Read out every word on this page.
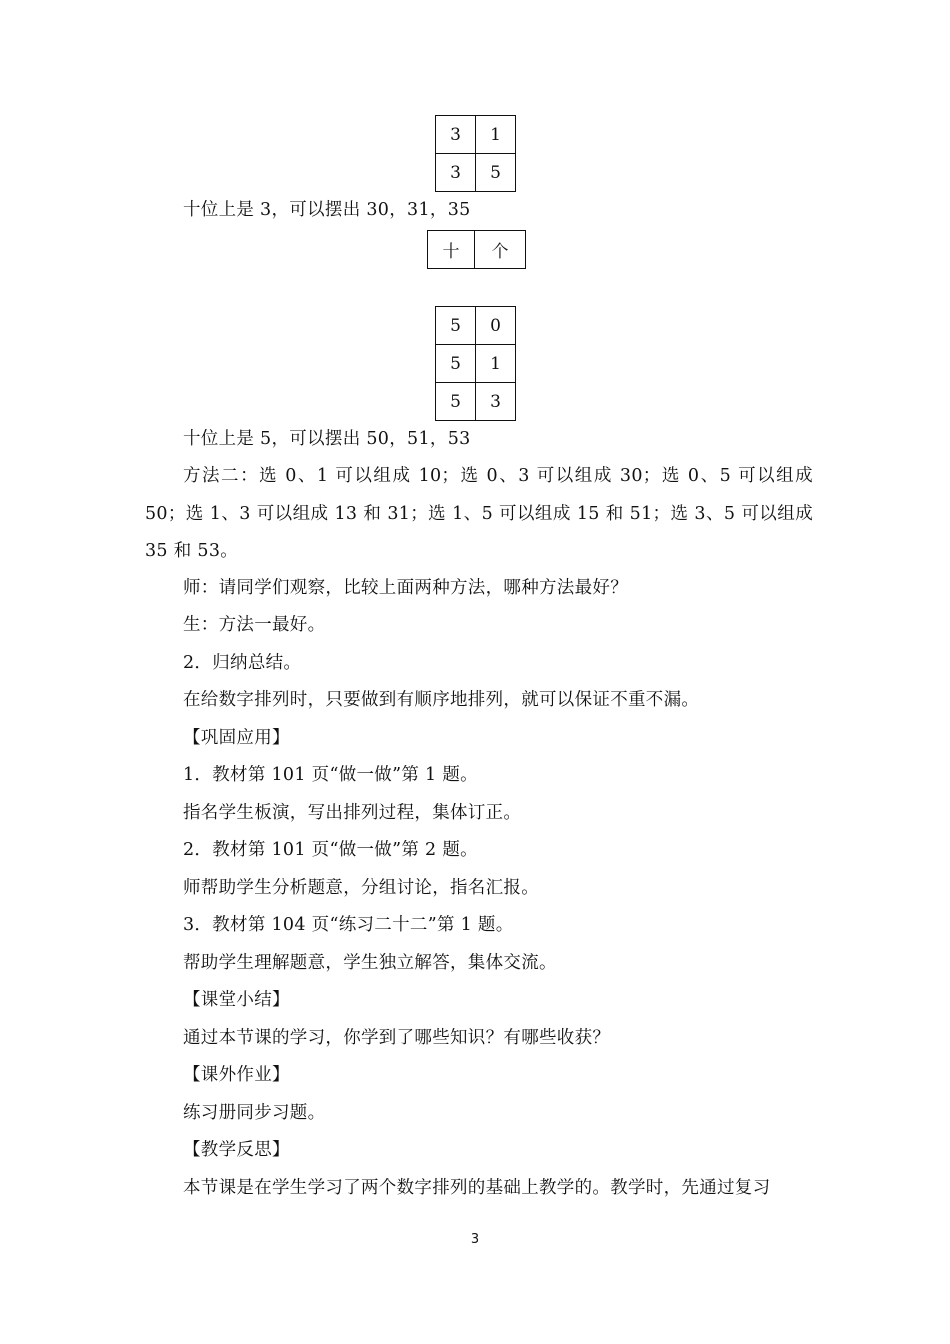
3	1
3	5
十位上是 3，可以摆出 30，31，35
十	个
5	0
5	1
5	3
十位上是 5，可以摆出 50，51，53
方法二：选 0、1 可以组成 10；选 0、3 可以组成 30；选 0、5 可以组成 50；选 1、3 可以组成 13 和 31；选 1、5 可以组成 15 和 51；选 3、5 可以组成 35 和 53。
师：请同学们观察，比较上面两种方法，哪种方法最好？
生：方法一最好。
2．归纳总结。
在给数字排列时，只要做到有顺序地排列，就可以保证不重不漏。
【巩固应用】
1．教材第 101 页“做一做”第 1 题。
指名学生板演，写出排列过程，集体订正。
2．教材第 101 页“做一做”第 2 题。
师帮助学生分析题意，分组讨论，指名汇报。
3．教材第 104 页“练习二十二”第 1 题。
帮助学生理解题意，学生独立解答，集体交流。
【课堂小结】
通过本节课的学习，你学到了哪些知识？有哪些收获？
【课外作业】
练习册同步习题。
【教学反思】
本节课是在学生学习了两个数字排列的基础上教学的。教学时，先通过复习
3
